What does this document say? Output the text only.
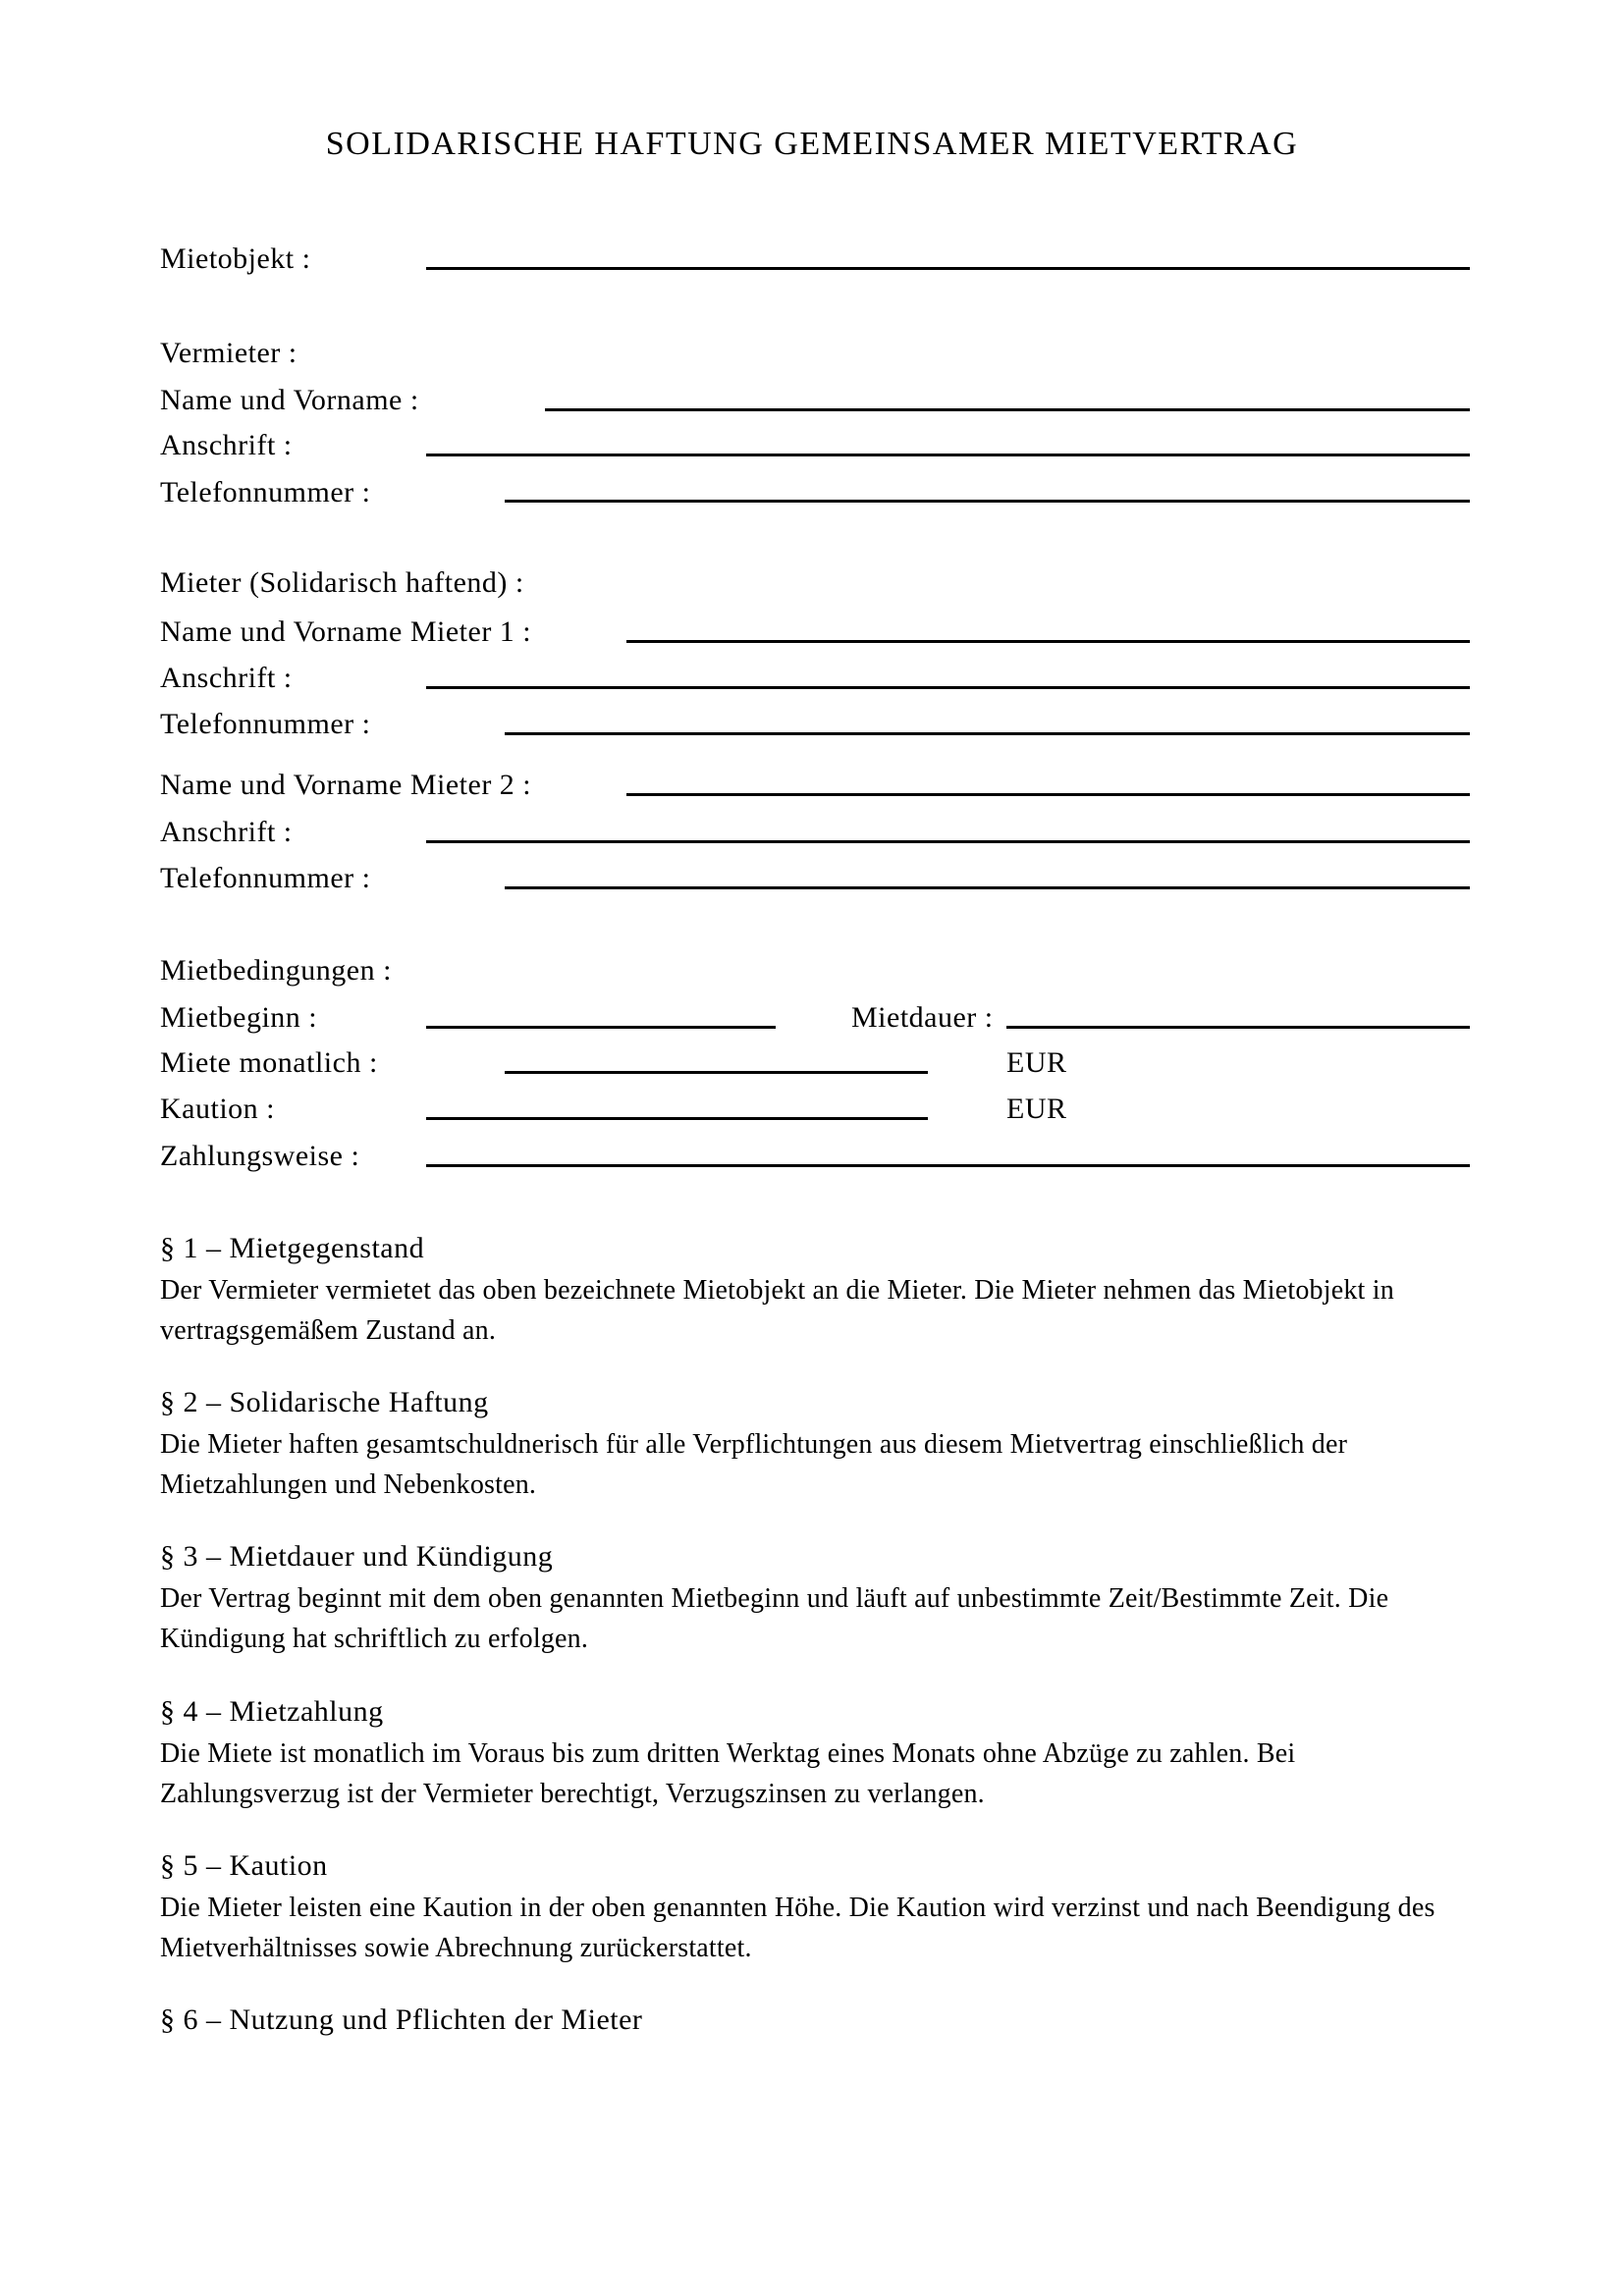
SOLIDARISCHE HAFTUNG GEMEINSAMER MIETVERTRAG
Mietobjekt :
Vermieter :
Name und Vorname :
Anschrift :
Telefonnummer :
Mieter (Solidarisch haftend) :
Name und Vorname Mieter 1 :
Anschrift :
Telefonnummer :
Name und Vorname Mieter 2 :
Anschrift :
Telefonnummer :
Mietbedingungen :
Mietbeginn :	Mietdauer :
Miete monatlich :	EUR
Kaution :	EUR
Zahlungsweise :
§ 1 – Mietgegenstand
Der Vermieter vermietet das oben bezeichnete Mietobjekt an die Mieter. Die Mieter nehmen das Mietobjekt in vertragsgemäßem Zustand an.
§ 2 – Solidarische Haftung
Die Mieter haften gesamtschuldnerisch für alle Verpflichtungen aus diesem Mietvertrag einschließlich der Mietzahlungen und Nebenkosten.
§ 3 – Mietdauer und Kündigung
Der Vertrag beginnt mit dem oben genannten Mietbeginn und läuft auf unbestimmte Zeit/Bestimmte Zeit. Die Kündigung hat schriftlich zu erfolgen.
§ 4 – Mietzahlung
Die Miete ist monatlich im Voraus bis zum dritten Werktag eines Monats ohne Abzüge zu zahlen. Bei Zahlungsverzug ist der Vermieter berechtigt, Verzugszinsen zu verlangen.
§ 5 – Kaution
Die Mieter leisten eine Kaution in der oben genannten Höhe. Die Kaution wird verzinst und nach Beendigung des Mietverhältnisses sowie Abrechnung zurückerstattet.
§ 6 – Nutzung und Pflichten der Mieter
